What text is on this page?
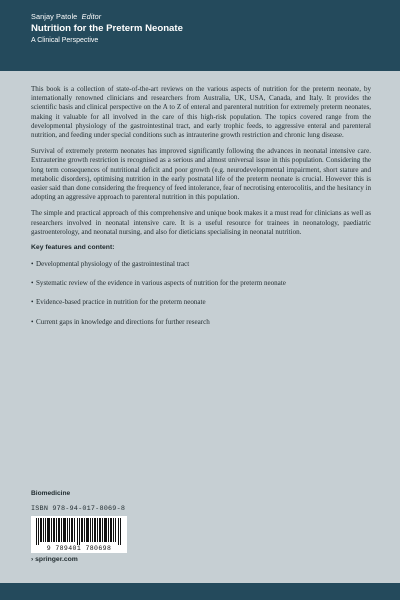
Sanjay Patole Editor
Nutrition for the Preterm Neonate
A Clinical Perspective

This book is a collection of state-of-the-art reviews on the various aspects of nutrition for the preterm neonate, by internationally renowned clinicians and researchers from Australia, UK, USA, Canada, and Italy. It provides the scientific basis and clinical perspective on the A to Z of enteral and parenteral nutrition for extremely preterm neonates, making it valuable for all involved in the care of this high-risk population. The topics covered range from the developmental physiology of the gastrointestinal tract, and early trophic feeds, to aggressive enteral and parenteral nutrition, and feeding under special conditions such as intrauterine growth restriction and chronic lung disease.

Survival of extremely preterm neonates has improved significantly following the advances in neonatal intensive care. Extrauterine growth restriction is recognised as a serious and almost universal issue in this population. Considering the long term consequences of nutritional deficit and poor growth (e.g. neurodevelopmental impairment, short stature and metabolic disorders), optimising nutrition in the early postnatal life of the preterm neonate is crucial. However this is easier said than done considering the frequency of feed intolerance, fear of necrotising enterocolitis, and the hesitancy in adopting an aggressive approach to parenteral nutrition in this population.

The simple and practical approach of this comprehensive and unique book makes it a must read for clinicians as well as researchers involved in neonatal intensive care. It is a useful resource for trainees in neonatology, paediatric gastroenterology, and neonatal nursing, and also for dieticians specialising in neonatal nutrition.

Key features and content:
• Developmental physiology of the gastrointestinal tract
• Systematic review of the evidence in various aspects of nutrition for the preterm neonate
• Evidence-based practice in nutrition for the preterm neonate
• Current gaps in knowledge and directions for further research
Biomedicine
ISBN 978-94-017-8069-8
9 789401 780698
› springer.com
